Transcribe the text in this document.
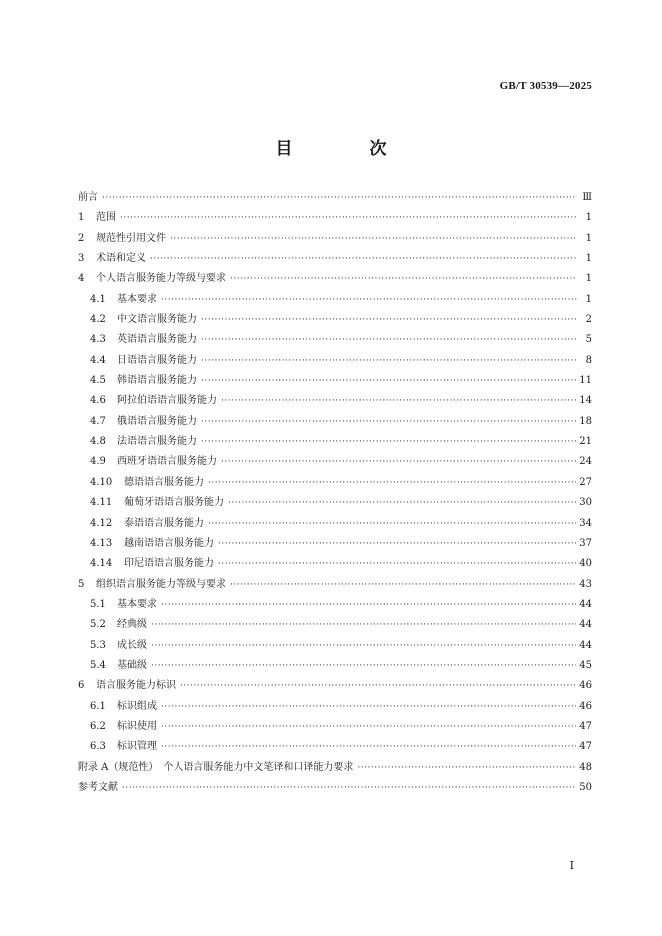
GB/T 30539—2025
目　次
前言 ·····	Ⅲ
1	范围 ·····	1
2	规范性引用文件 ·····	1
3	术语和定义 ·····	1
4	个人语言服务能力等级与要求 ·····	1
4.1	基本要求 ·····	1
4.2	中文语言服务能力 ·····	2
4.3	英语语言服务能力 ·····	5
4.4	日语语言服务能力 ·····	8
4.5	韩语语言服务能力 ·····	11
4.6	阿拉伯语语言服务能力 ·····	14
4.7	俄语语言服务能力 ·····	18
4.8	法语语言服务能力 ·····	21
4.9	西班牙语语言服务能力 ·····	24
4.10	德语语言服务能力 ·····	27
4.11	葡萄牙语语言服务能力 ·····	30
4.12	泰语语言服务能力 ·····	34
4.13	越南语语言服务能力 ·····	37
4.14	印尼语语言服务能力 ·····	40
5	组织语言服务能力等级与要求 ·····	43
5.1	基本要求 ·····	44
5.2	经典级 ·····	44
5.3	成长级 ·····	44
5.4	基础级 ·····	45
6	语言服务能力标识 ·····	46
6.1	标识组成 ·····	46
6.2	标识使用 ·····	47
6.3	标识管理 ·····	47
附录 A（规范性）　个人语言服务能力中文笔译和口译能力要求 ·····	48
参考文献 ·····	50
Ⅰ
